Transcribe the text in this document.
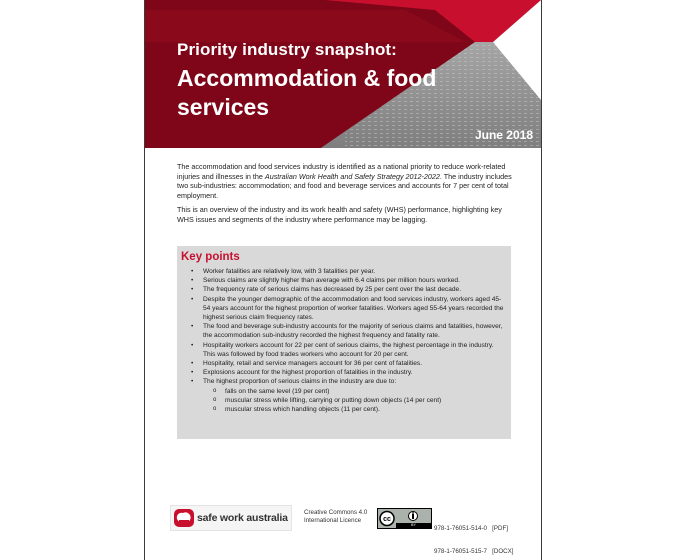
Priority industry snapshot:
Accommodation & food services
June 2018

The accommodation and food services industry is identified as a national priority to reduce work-related injuries and illnesses in the Australian Work Health and Safety Strategy 2012-2022. The industry includes two sub-industries: accommodation; and food and beverage services and accounts for 7 per cent of total employment.

This is an overview of the industry and its work health and safety (WHS) performance, highlighting key WHS issues and segments of the industry where performance may be lagging.

Key points
• Worker fatalities are relatively low, with 3 fatalities per year.
• Serious claims are slightly higher than average with 6.4 claims per million hours worked.
• The frequency rate of serious claims has decreased by 25 per cent over the last decade.
• Despite the younger demographic of the accommodation and food services industry, workers aged 45-54 years account for the highest proportion of worker fatalities. Workers aged 55-64 years recorded the highest serious claim frequency rates.
• The food and beverage sub-industry accounts for the majority of serious claims and fatalities, however, the accommodation sub-industry recorded the highest frequency and fatality rate.
• Hospitality workers account for 22 per cent of serious claims, the highest percentage in the industry. This was followed by food trades workers who account for 20 per cent.
• Hospitality, retail and service managers account for 36 per cent of fatalities.
• Explosions account for the highest proportion of fatalities in the industry.
• The highest proportion of serious claims in the industry are due to:
o falls on the same level (19 per cent)
o muscular stress while lifting, carrying or putting down objects (14 per cent)
o muscular stress which handling objects (11 per cent).
safe work australia	Creative Commons 4.0
International Licence	cc
BY

	978-1-76051-514-0   [PDF]

978-1-76051-515-7   [DOCX]
